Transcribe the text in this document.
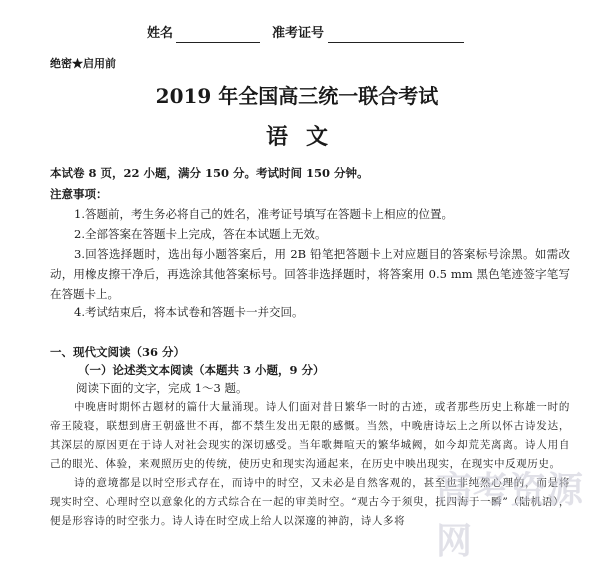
姓名	准考证号
绝密★启用前
2019 年全国高三统一联合考试
语文
本试卷 8 页，22 小题，满分 150 分。考试时间 150 分钟。
注意事项：
1.答题前，考生务必将自己的姓名，准考证号填写在答题卡上相应的位置。
2.全部答案在答题卡上完成，答在本试题上无效。
3.回答选择题时，选出每小题答案后，用 2B 铅笔把答题卡上对应题目的答案标号涂黑。如需改动，用橡皮擦干净后，再选涂其他答案标号。回答非选择题时，将答案用 0.5 mm 黑色笔迹签字笔写在答题卡上。
4.考试结束后，将本试卷和答题卡一并交回。
一、现代文阅读（36 分）
（一）论述类文本阅读（本题共 3 小题，9 分）
阅读下面的文字，完成 1～3 题。
中晚唐时期怀古题材的篇什大量涌现。诗人们面对昔日繁华一时的古迹，或者那些历史上称雄一时的帝王陵寝，联想到唐王朝盛世不再，都不禁生发出无限的感慨。当然，中晚唐诗坛上之所以怀古诗发达，其深层的原因更在于诗人对社会现实的深切感受。当年歌舞喧天的繁华城阙，如今却荒芜离离。诗人用自己的眼光、体验，来观照历史的传统，使历史和现实沟通起来，在历史中映出现实，在现实中反观历史。
诗的意境都是以时空形式存在，而诗中的时空，又未必是自然客观的，甚至也非纯然心理的，而是将现实时空、心理时空以意象化的方式综合在一起的审美时空。“观古今于须臾，抚四海于一瞬”（陆机语），便是形容诗的时空张力。诗人诗在时空成上给人以深邃的神韵，诗人多将
高考资源网
